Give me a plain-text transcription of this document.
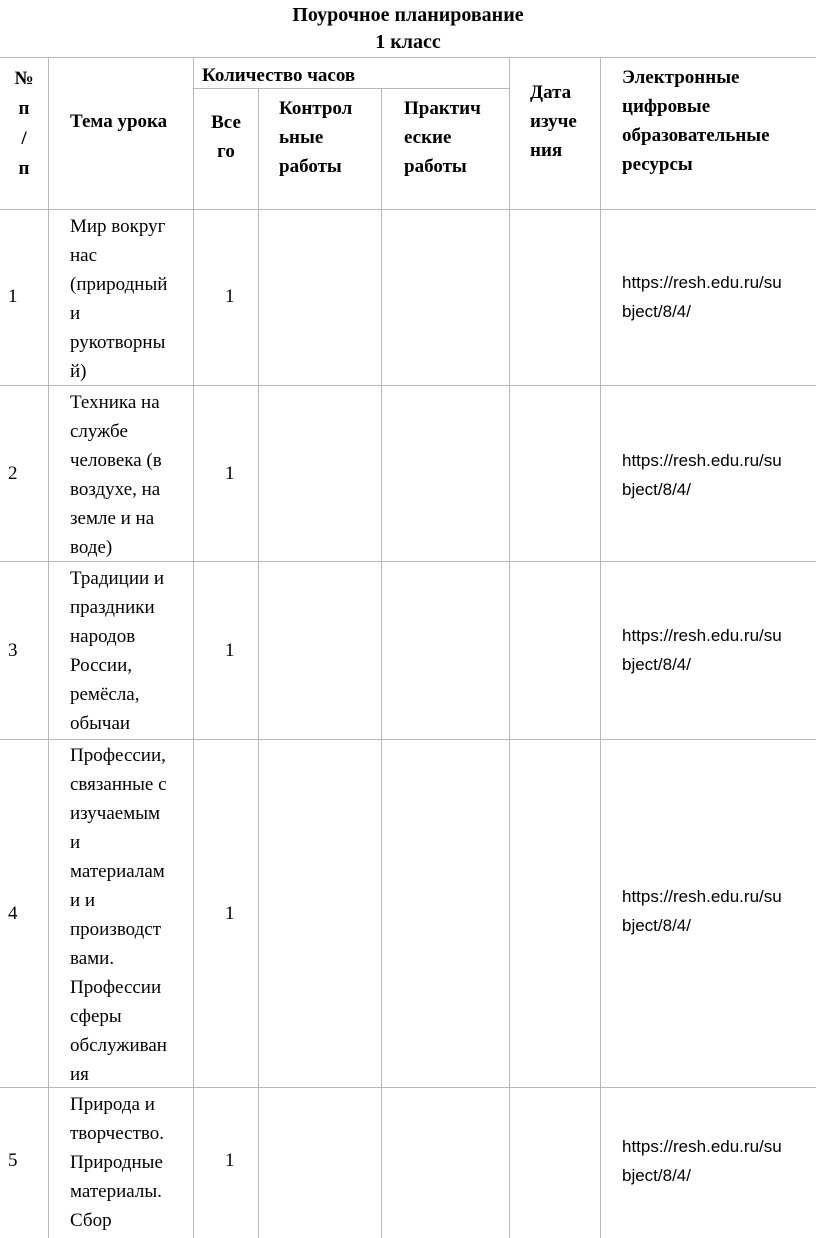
Поурочное планирование
1 класс
№
п
/
п
Тема урока
Количество часов
Все
го
Контрол
ьные
работы
Практич
еские
работы
Дата
изуче
ния
Электронные
цифровые
образовательные
ресурсы
1
Мир вокруг
нас
(природный
и
рукотворны
й)
1
https://resh.edu.ru/su
bject/8/4/
2
Техника на
службе
человека (в
воздухе, на
земле и на
воде)
1
https://resh.edu.ru/su
bject/8/4/
3
Традиции и
праздники
народов
России,
ремёсла,
обычаи
1
https://resh.edu.ru/su
bject/8/4/
4
Профессии,
связанные с
изучаемым
и
материалам
и и
производст
вами.
Профессии
сферы
обслуживан
ия
1
https://resh.edu.ru/su
bject/8/4/
5
Природа и
творчество.
Природные
материалы.
Сбор
1
https://resh.edu.ru/su
bject/8/4/
